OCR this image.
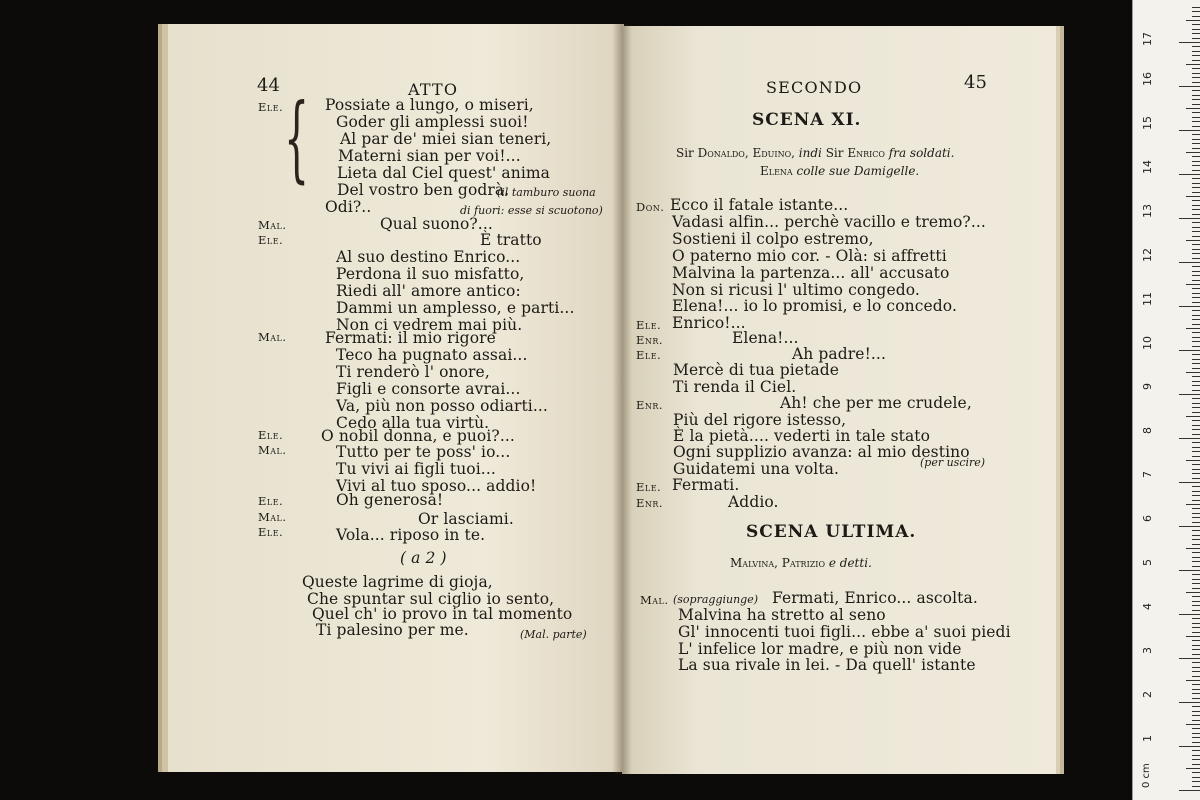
44	ATTO
{
Ele.	Possiate a lungo, o miseri,
Goder gli amplessi suoi!
Al par de' miei sian teneri,
Materni sian per voi!...
Lieta dal Ciel quest' anima
Del vostro ben godrà.
(il tamburo suona
Odi?..	di fuori: esse si scuotono)
Mal.	Qual suono?...
Ele.	È tratto
Al suo destino Enrico...
Perdona il suo misfatto,
Riedi all' amore antico:
Dammi un amplesso, e parti...
Non ci vedrem mai più.
Mal. Fermati: il mio rigore
Teco ha pugnato assai...
Ti renderò l' onore,
Figli e consorte avrai...
Va, più non posso odiarti...
Cedo alla tua virtù.
Ele. O nobil donna, e puoi?...
Mal.	Tutto per te poss' io...
Tu vivi ai figli tuoi...
Vivi al tuo sposo... addio!
Ele.	Oh generosa!
Mal.	Or lasciami.
Ele.	Vola... riposo in te.
( a 2 )
Queste lagrime di gioja,
Che spuntar sul ciglio io sento,
Quel ch' io provo in tal momento
Ti palesino per me.	(Mal. parte)
SECONDO	45
SCENA XI.
Sir Donaldo, Eduino, indi Sir Enrico fra soldati.
Elena colle sue Damigelle.
Don. Ecco il fatale istante...
Vadasi alfin... perchè vacillo e tremo?...
Sostieni il colpo estremo,
O paterno mio cor. - Olà: si affretti
Malvina la partenza... all' accusato
Non si ricusi l' ultimo congedo.
Elena!... io lo promisi, e lo concedo.
Ele. Enrico!...
Enr.	Elena!...
Ele.	Ah padre!...
Mercè di tua pietade
Ti renda il Ciel.
Enr.	Ah! che per me crudele,
Più del rigore istesso,
È la pietà.... vederti in tale stato
Ogni supplizio avanza: al mio destino
Guidatemi una volta.	(per uscire)
Ele. Fermati.
Enr.	Addio.
SCENA ULTIMA.
Malvina, Patrizio e detti.
Mal. (sopraggiunge) Fermati, Enrico... ascolta.
Malvina ha stretto al seno
Gl' innocenti tuoi figli... ebbe a' suoi piedi
L' infelice lor madre, e più non vide
La sua rivale in lei. - Da quell' istante
0 cm
1
2
3
4
5
6
7
8
9
10
11
12
13
14
15
16
17
